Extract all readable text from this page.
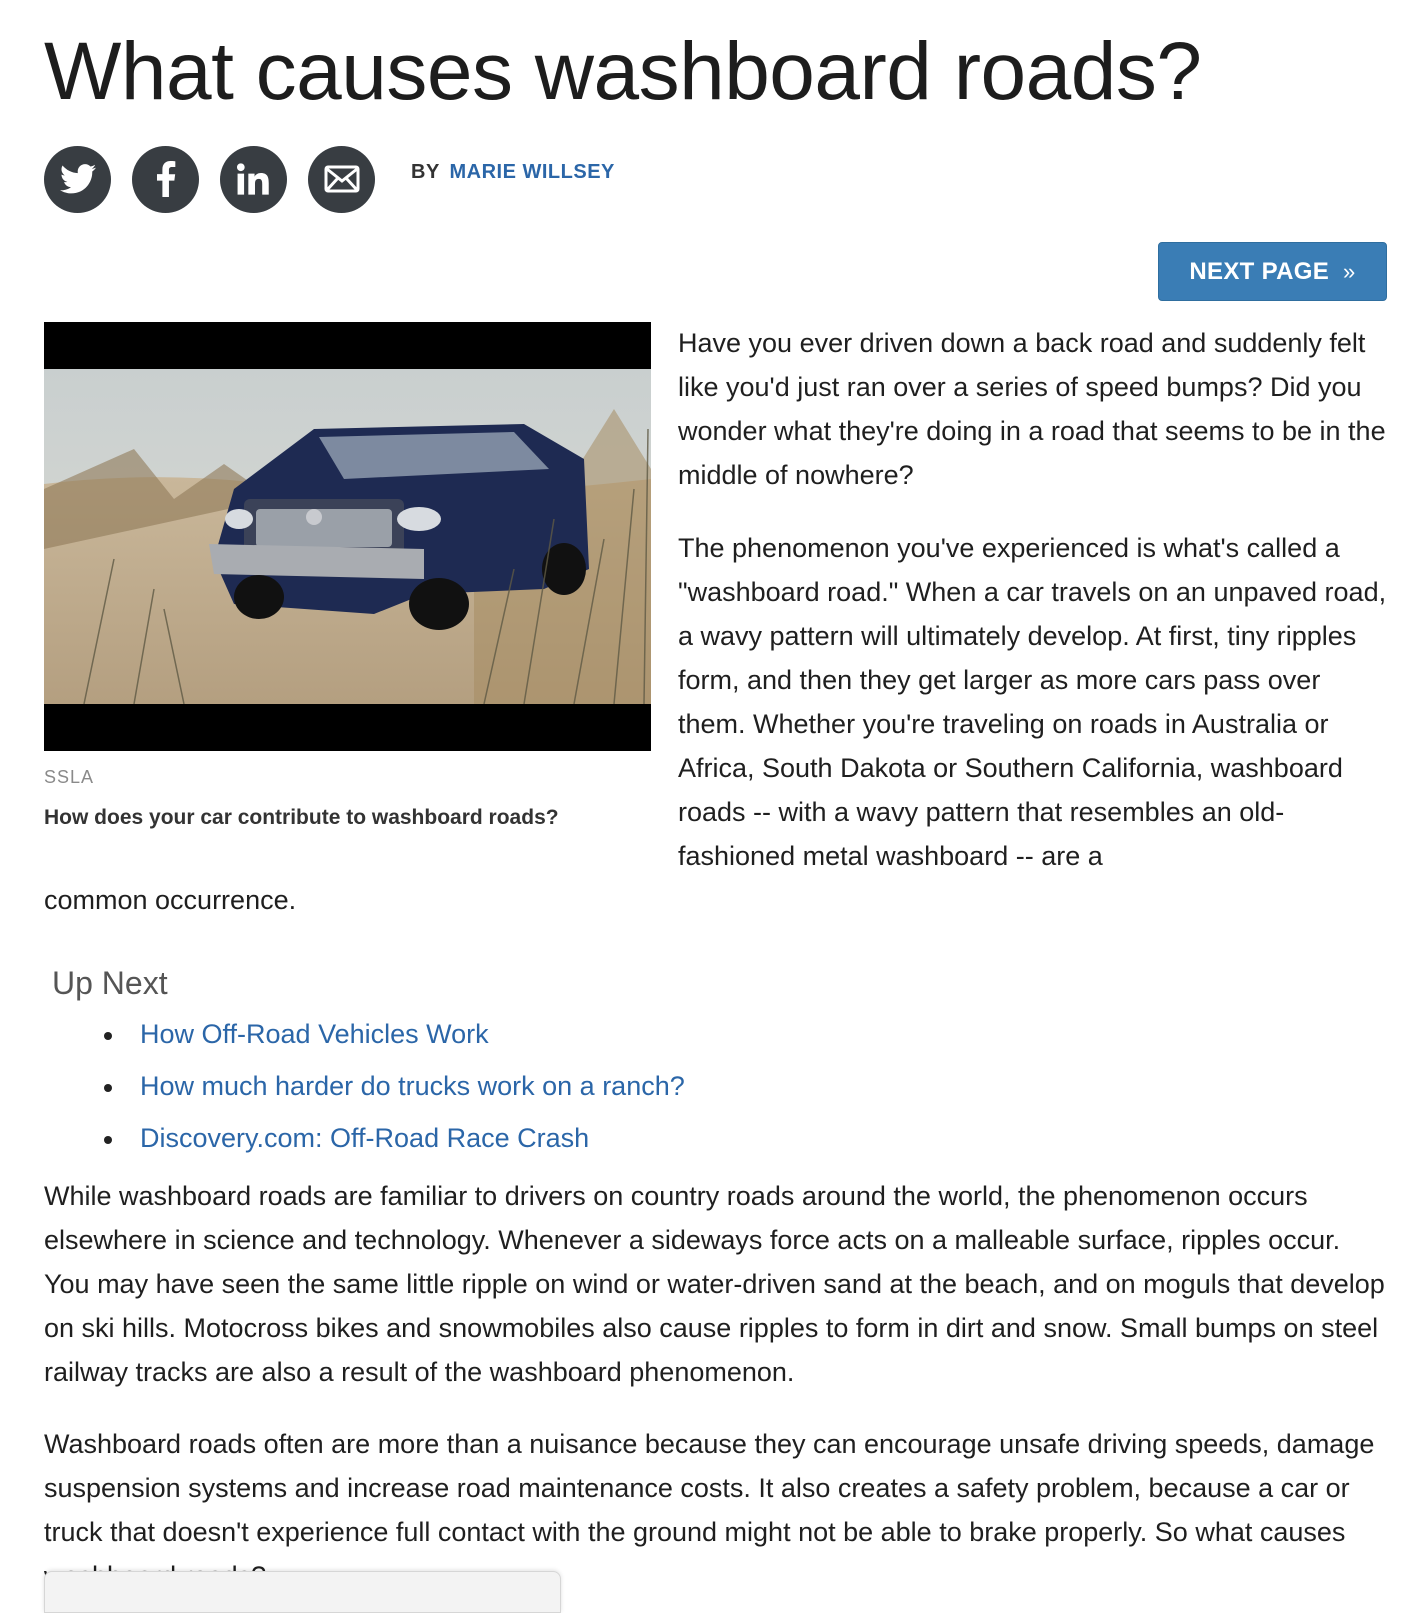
What causes washboard roads?
BY MARIE WILLSEY
NEXT PAGE »
SSLA
How does your car contribute to washboard roads?

Have you ever driven down a back road and suddenly felt like you'd just ran over a series of speed bumps? Did you wonder what they're doing in a road that seems to be in the middle of nowhere?

The phenomenon you've experienced is what's called a "washboard road." When a car travels on an unpaved road, a wavy pattern will ultimately develop. At first, tiny ripples form, and then they get larger as more cars pass over them. Whether you're traveling on roads in Australia or Africa, South Dakota or Southern California, washboard roads -- with a wavy pattern that resembles an old-fashioned metal washboard -- are a

common occurrence.

Up Next

How Off-Road Vehicles Work
How much harder do trucks work on a ranch?
Discovery.com: Off-Road Race Crash

While washboard roads are familiar to drivers on country roads around the world, the phenomenon occurs elsewhere in science and technology. Whenever a sideways force acts on a malleable surface, ripples occur. You may have seen the same little ripple on wind or water-driven sand at the beach, and on moguls that develop on ski hills. Motocross bikes and snowmobiles also cause ripples to form in dirt and snow. Small bumps on steel railway tracks are also a result of the washboard phenomenon.

Washboard roads often are more than a nuisance because they can encourage unsafe driving speeds, damage suspension systems and increase road maintenance costs. It also creates a safety problem, because a car or truck that doesn't experience full contact with the ground might not be able to brake properly. So what causes
